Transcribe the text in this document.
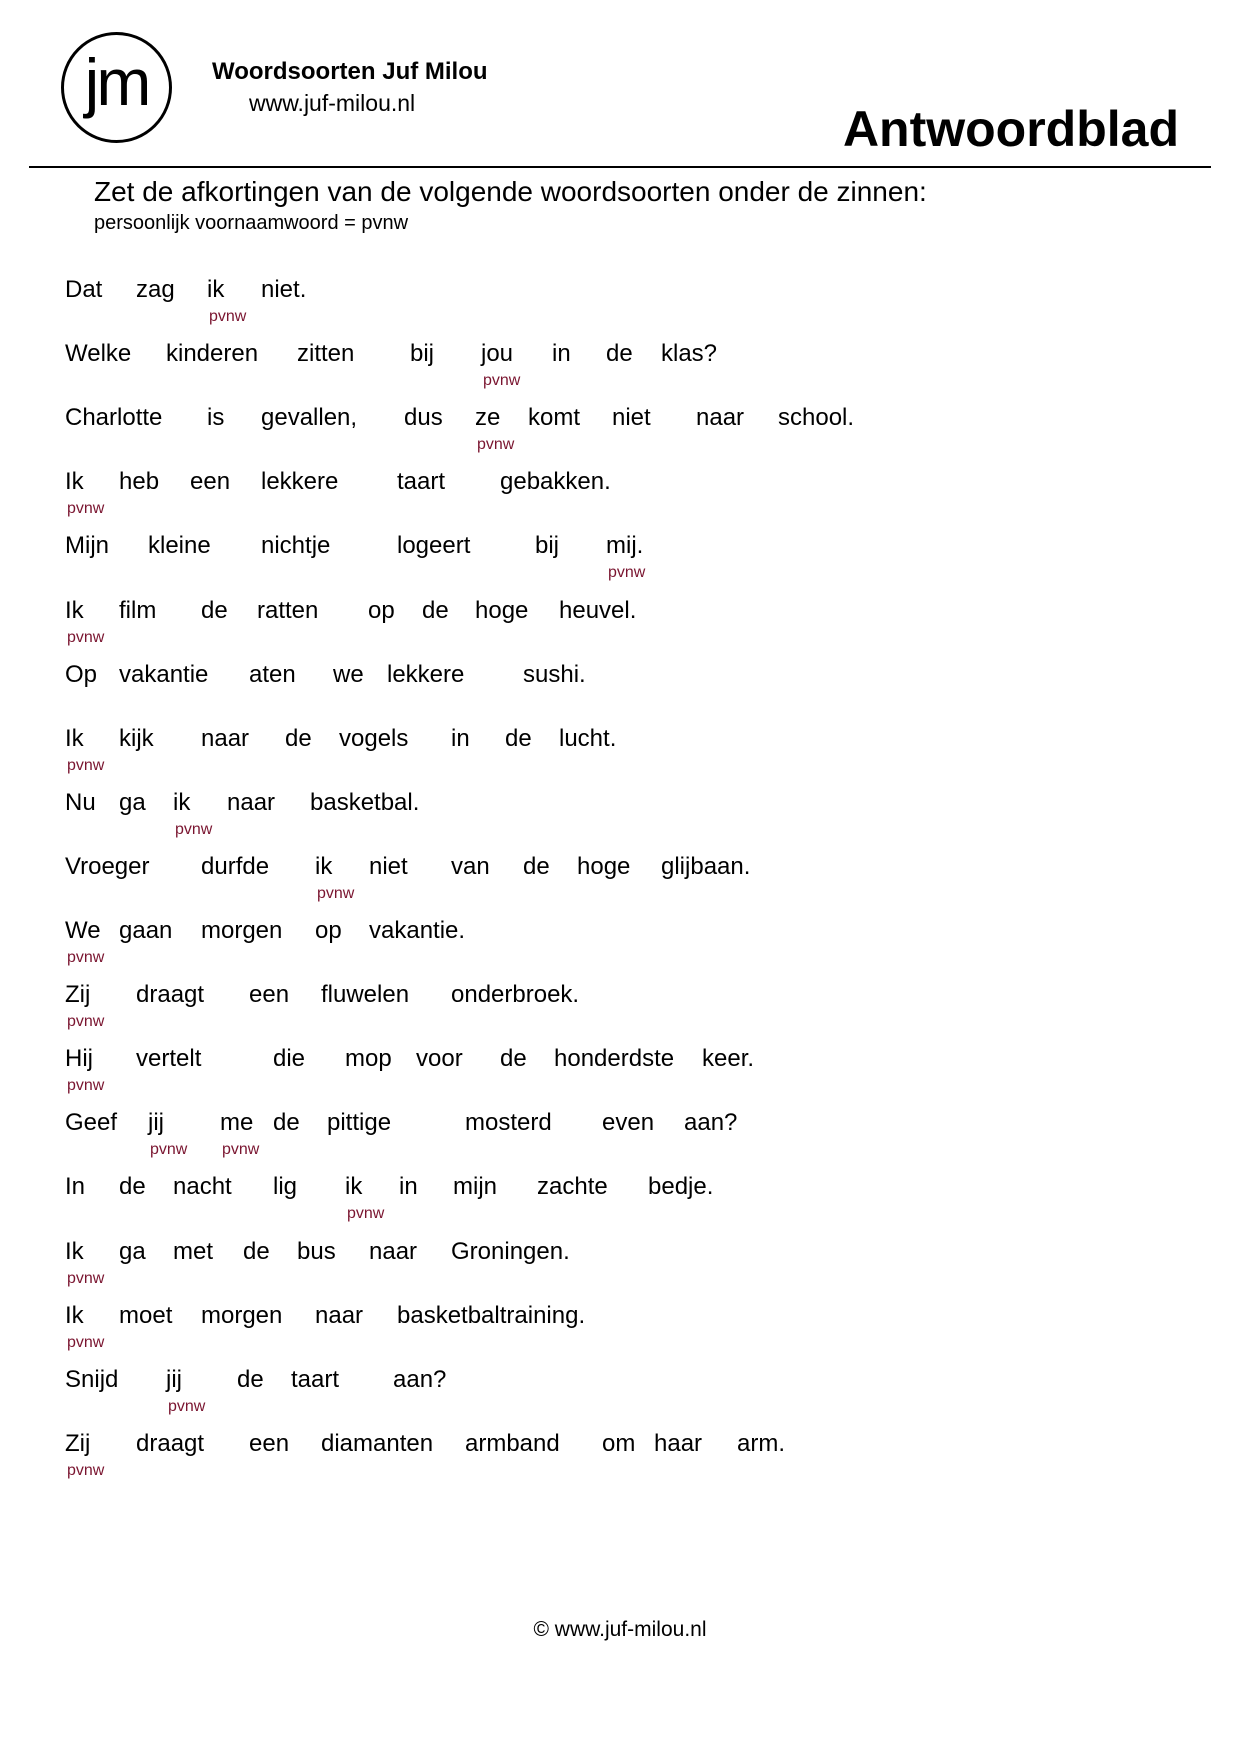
jm	Woordsoorten Juf Milou
www.juf-milou.nl	Antwoordblad
Zet de afkortingen van de volgende woordsoorten onder de zinnen:
persoonlijk voornaamwoord = pvnw
Dat zag ik
pvnw
niet.
Welke kinderen zitten bij jou
pvnw
in de klas?
Charlotte is gevallen, dus ze
pvnw
komt niet naar school.
Ik
pvnw
heb een lekkere taart gebakken.
Mijn kleine nichtje	logeert	bij mij.
pvnw
Ik
pvnw
film de ratten op de hoge heuvel.
Op vakantie aten we lekkere sushi.
Ik
pvnw
kijk naar de vogels in de lucht.
Nu ga ik
pvnw
naar basketbal.
Vroeger durfde ik
pvnw
niet van de hoge glijbaan.
We
pvnw
gaan morgen op vakantie.
Zij
pvnw
draagt een fluwelen onderbroek.
Hij
pvnw
vertelt	die mop voor de honderdste keer.
Geef jij
pvnw
me
pvnw
de pittige	mosterd even aan?
In de nacht lig ik
pvnw
in mijn zachte bedje.
Ik
pvnw
ga met de bus naar Groningen.
Ik
pvnw
moet morgen naar basketbaltraining.
Snijd jij
pvnw
de taart aan?
Zij
pvnw
draagt een diamanten armband om haar arm.
© www.juf-milou.nl
